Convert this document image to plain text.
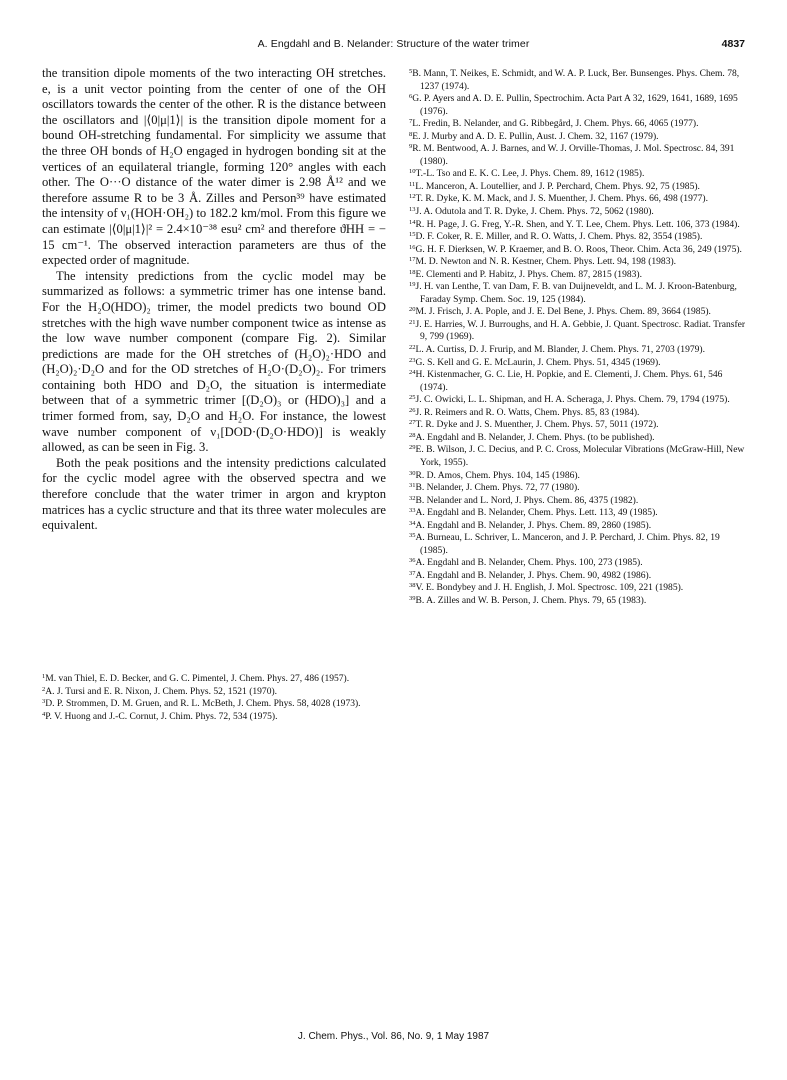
A. Engdahl and B. Nelander: Structure of the water trimer	4837

the transition dipole moments of the two interacting OH stretches. e, is a unit vector pointing from the center of one of the OH oscillators towards the center of the other. R is the distance between the oscillators and |⟨0|μ|1⟩| is the transition dipole moment for a bound OH-stretching fundamental. For simplicity we assume that the three OH bonds of H₂O engaged in hydrogen bonding sit at the vertices of an equilateral triangle, forming 120° angles with each other. The O···O distance of the water dimer is 2.98 Å¹² and we therefore assume R to be 3 Å. Zilles and Person³⁹ have estimated the intensity of ν₁(HOH·OH₂) to 182.2 km/mol. From this figure we can estimate |⟨0|μ|1⟩|² = 2.4×10⁻³⁸ esu² cm² and therefore ϑHH = − 15 cm⁻¹. The observed interaction parameters are thus of the expected order of magnitude.

The intensity predictions from the cyclic model may be summarized as follows: a symmetric trimer has one intense band. For the H₂O(HDO)₂ trimer, the model predicts two bound OD stretches with the high wave number component twice as intense as the low wave number component (compare Fig. 2). Similar predictions are made for the OH stretches of (H₂O)₂·HDO and (H₂O)₂·D₂O and for the OD stretches of H₂O·(D₂O)₂. For trimers containing both HDO and D₂O, the situation is intermediate between that of a symmetric trimer [(D₂O)₃ or (HDO)₃] and a trimer formed from, say, D₂O and H₂O. For instance, the lowest wave number component of ν₁[DOD·(D₂O·HDO)] is weakly allowed, as can be seen in Fig. 3.

Both the peak positions and the intensity predictions calculated for the cyclic model agree with the observed spectra and we therefore conclude that the water trimer in argon and krypton matrices has a cyclic structure and that its three water molecules are equivalent.

$^1$M. van Thiel, E. D. Becker, and G. C. Pimentel, J. Chem. Phys. 27, 486 (1957).

$^2$A. J. Tursi and E. R. Nixon, J. Chem. Phys. 52, 1521 (1970).

$^3$D. P. Strommen, D. M. Gruen, and R. L. McBeth, J. Chem. Phys. 58, 4028 (1973).

$^4$P. V. Huong and J.-C. Cornut, J. Chim. Phys. 72, 534 (1975).

$^5$B. Mann, T. Neikes, E. Schmidt, and W. A. P. Luck, Ber. Bunsenges. Phys. Chem. 78, 1237 (1974).

$^6$G. P. Ayers and A. D. E. Pullin, Spectrochim. Acta Part A 32, 1629, 1641, 1689, 1695 (1976).

$^7$L. Fredin, B. Nelander, and G. Ribbegård, J. Chem. Phys. 66, 4065 (1977).

$^8$E. J. Murby and A. D. E. Pullin, Aust. J. Chem. 32, 1167 (1979).

$^9$R. M. Bentwood, A. J. Barnes, and W. J. Orville-Thomas, J. Mol. Spectrosc. 84, 391 (1980).

$^{10}$T.-L. Tso and E. K. C. Lee, J. Phys. Chem. 89, 1612 (1985).

$^{11}$L. Manceron, A. Loutellier, and J. P. Perchard, Chem. Phys. 92, 75 (1985).

$^{12}$T. R. Dyke, K. M. Mack, and J. S. Muenther, J. Chem. Phys. 66, 498 (1977).

$^{13}$J. A. Odutola and T. R. Dyke, J. Chem. Phys. 72, 5062 (1980).

$^{14}$R. H. Page, J. G. Freg, Y.-R. Shen, and Y. T. Lee, Chem. Phys. Lett. 106, 373 (1984).

$^{15}$D. F. Coker, R. E. Miller, and R. O. Watts, J. Chem. Phys. 82, 3554 (1985).

$^{16}$G. H. F. Dierksen, W. P. Kraemer, and B. O. Roos, Theor. Chim. Acta 36, 249 (1975).

$^{17}$M. D. Newton and N. R. Kestner, Chem. Phys. Lett. 94, 198 (1983).

$^{18}$E. Clementi and P. Habitz, J. Phys. Chem. 87, 2815 (1983).

$^{19}$J. H. van Lenthe, T. van Dam, F. B. van Duijneveldt, and L. M. J. Kroon-Batenburg, Faraday Symp. Chem. Soc. 19, 125 (1984).

$^{20}$M. J. Frisch, J. A. Pople, and J. E. Del Bene, J. Phys. Chem. 89, 3664 (1985).

$^{21}$J. E. Harries, W. J. Burroughs, and H. A. Gebbie, J. Quant. Spectrosc. Radiat. Transfer 9, 799 (1969).

$^{22}$L. A. Curtiss, D. J. Frurip, and M. Blander, J. Chem. Phys. 71, 2703 (1979).

$^{23}$G. S. Kell and G. E. McLaurin, J. Chem. Phys. 51, 4345 (1969).

$^{24}$H. Kistenmacher, G. C. Lie, H. Popkie, and E. Clementi, J. Chem. Phys. 61, 546 (1974).

$^{25}$J. C. Owicki, L. L. Shipman, and H. A. Scheraga, J. Phys. Chem. 79, 1794 (1975).

$^{26}$J. R. Reimers and R. O. Watts, Chem. Phys. 85, 83 (1984).

$^{27}$T. R. Dyke and J. S. Muenther, J. Chem. Phys. 57, 5011 (1972).

$^{28}$A. Engdahl and B. Nelander, J. Chem. Phys. (to be published).

$^{29}$E. B. Wilson, J. C. Decius, and P. C. Cross, Molecular Vibrations (McGraw-Hill, New York, 1955).

$^{30}$R. D. Amos, Chem. Phys. 104, 145 (1986).

$^{31}$B. Nelander, J. Chem. Phys. 72, 77 (1980).

$^{32}$B. Nelander and L. Nord, J. Phys. Chem. 86, 4375 (1982).

$^{33}$A. Engdahl and B. Nelander, Chem. Phys. Lett. 113, 49 (1985).

$^{34}$A. Engdahl and B. Nelander, J. Phys. Chem. 89, 2860 (1985).

$^{35}$A. Burneau, L. Schriver, L. Manceron, and J. P. Perchard, J. Chim. Phys. 82, 19 (1985).

$^{36}$A. Engdahl and B. Nelander, Chem. Phys. 100, 273 (1985).

$^{37}$A. Engdahl and B. Nelander, J. Phys. Chem. 90, 4982 (1986).

$^{38}$V. E. Bondybey and J. H. English, J. Mol. Spectrosc. 109, 221 (1985).

$^{39}$B. A. Zilles and W. B. Person, J. Chem. Phys. 79, 65 (1983).

J. Chem. Phys., Vol. 86, No. 9, 1 May 1987
